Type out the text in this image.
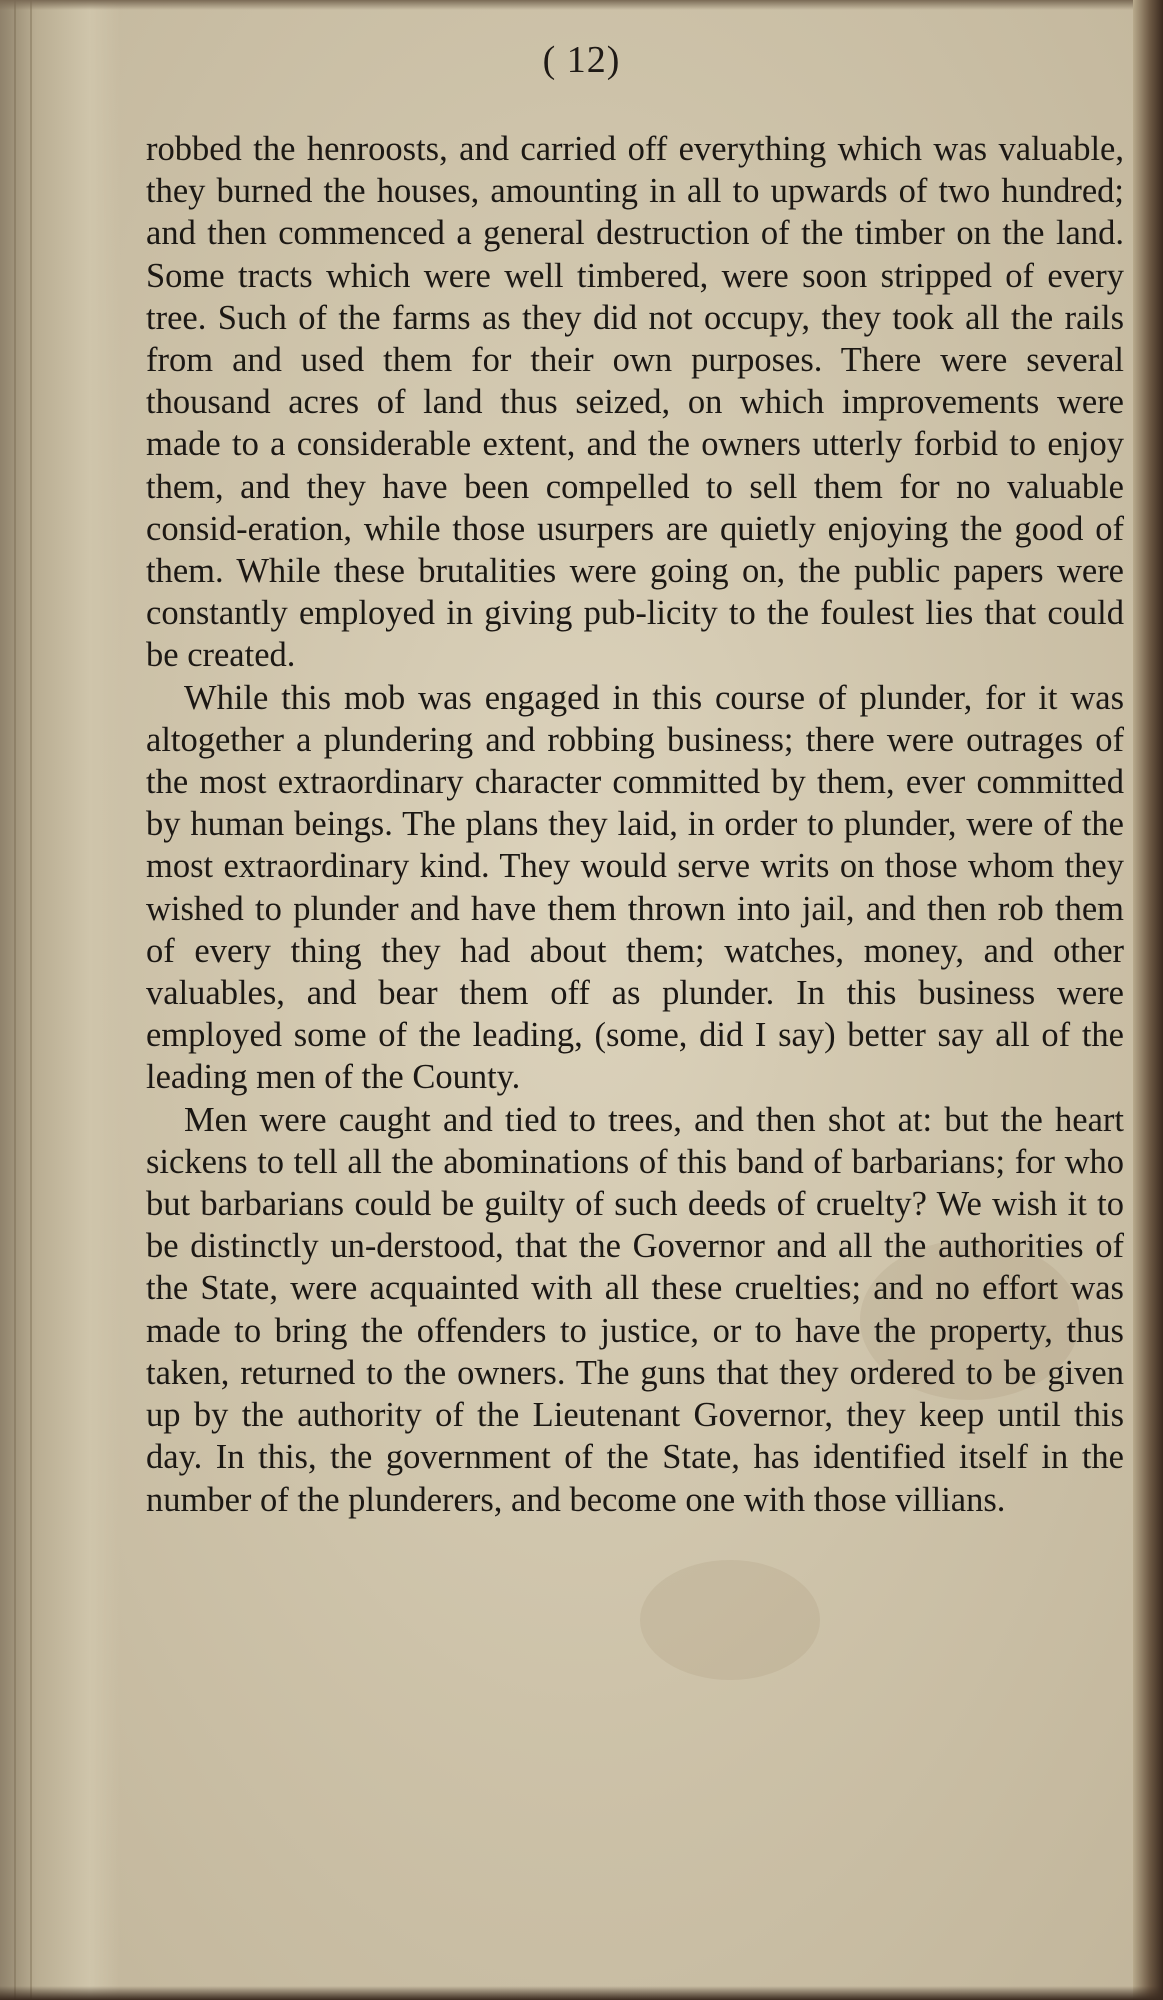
( 12)

robbed the henroosts, and carried off everything which was valuable, they burned the houses, amounting in all to upwards of two hundred; and then commenced a general destruction of the timber on the land. Some tracts which were well timbered, were soon stripped of every tree. Such of the farms as they did not occupy, they took all the rails from and used them for their own purposes. There were several thousand acres of land thus seized, on which improvements were made to a considerable extent, and the owners utterly forbid to enjoy them, and they have been compelled to sell them for no valuable consid-eration, while those usurpers are quietly enjoying the good of them. While these brutalities were going on, the public papers were constantly employed in giving pub-licity to the foulest lies that could be created.

While this mob was engaged in this course of plunder, for it was altogether a plundering and robbing business; there were outrages of the most extraordinary character committed by them, ever committed by human beings. The plans they laid, in order to plunder, were of the most extraordinary kind. They would serve writs on those whom they wished to plunder and have them thrown into jail, and then rob them of every thing they had about them; watches, money, and other valuables, and bear them off as plunder. In this business were employed some of the leading, (some, did I say) better say all of the leading men of the County.

Men were caught and tied to trees, and then shot at: but the heart sickens to tell all the abominations of this band of barbarians; for who but barbarians could be guilty of such deeds of cruelty? We wish it to be distinctly un-derstood, that the Governor and all the authorities of the State, were acquainted with all these cruelties; and no effort was made to bring the offenders to justice, or to have the property, thus taken, returned to the owners. The guns that they ordered to be given up by the authority of the Lieutenant Governor, they keep until this day. In this, the government of the State, has identified itself in the number of the plunderers, and become one with those villians.
